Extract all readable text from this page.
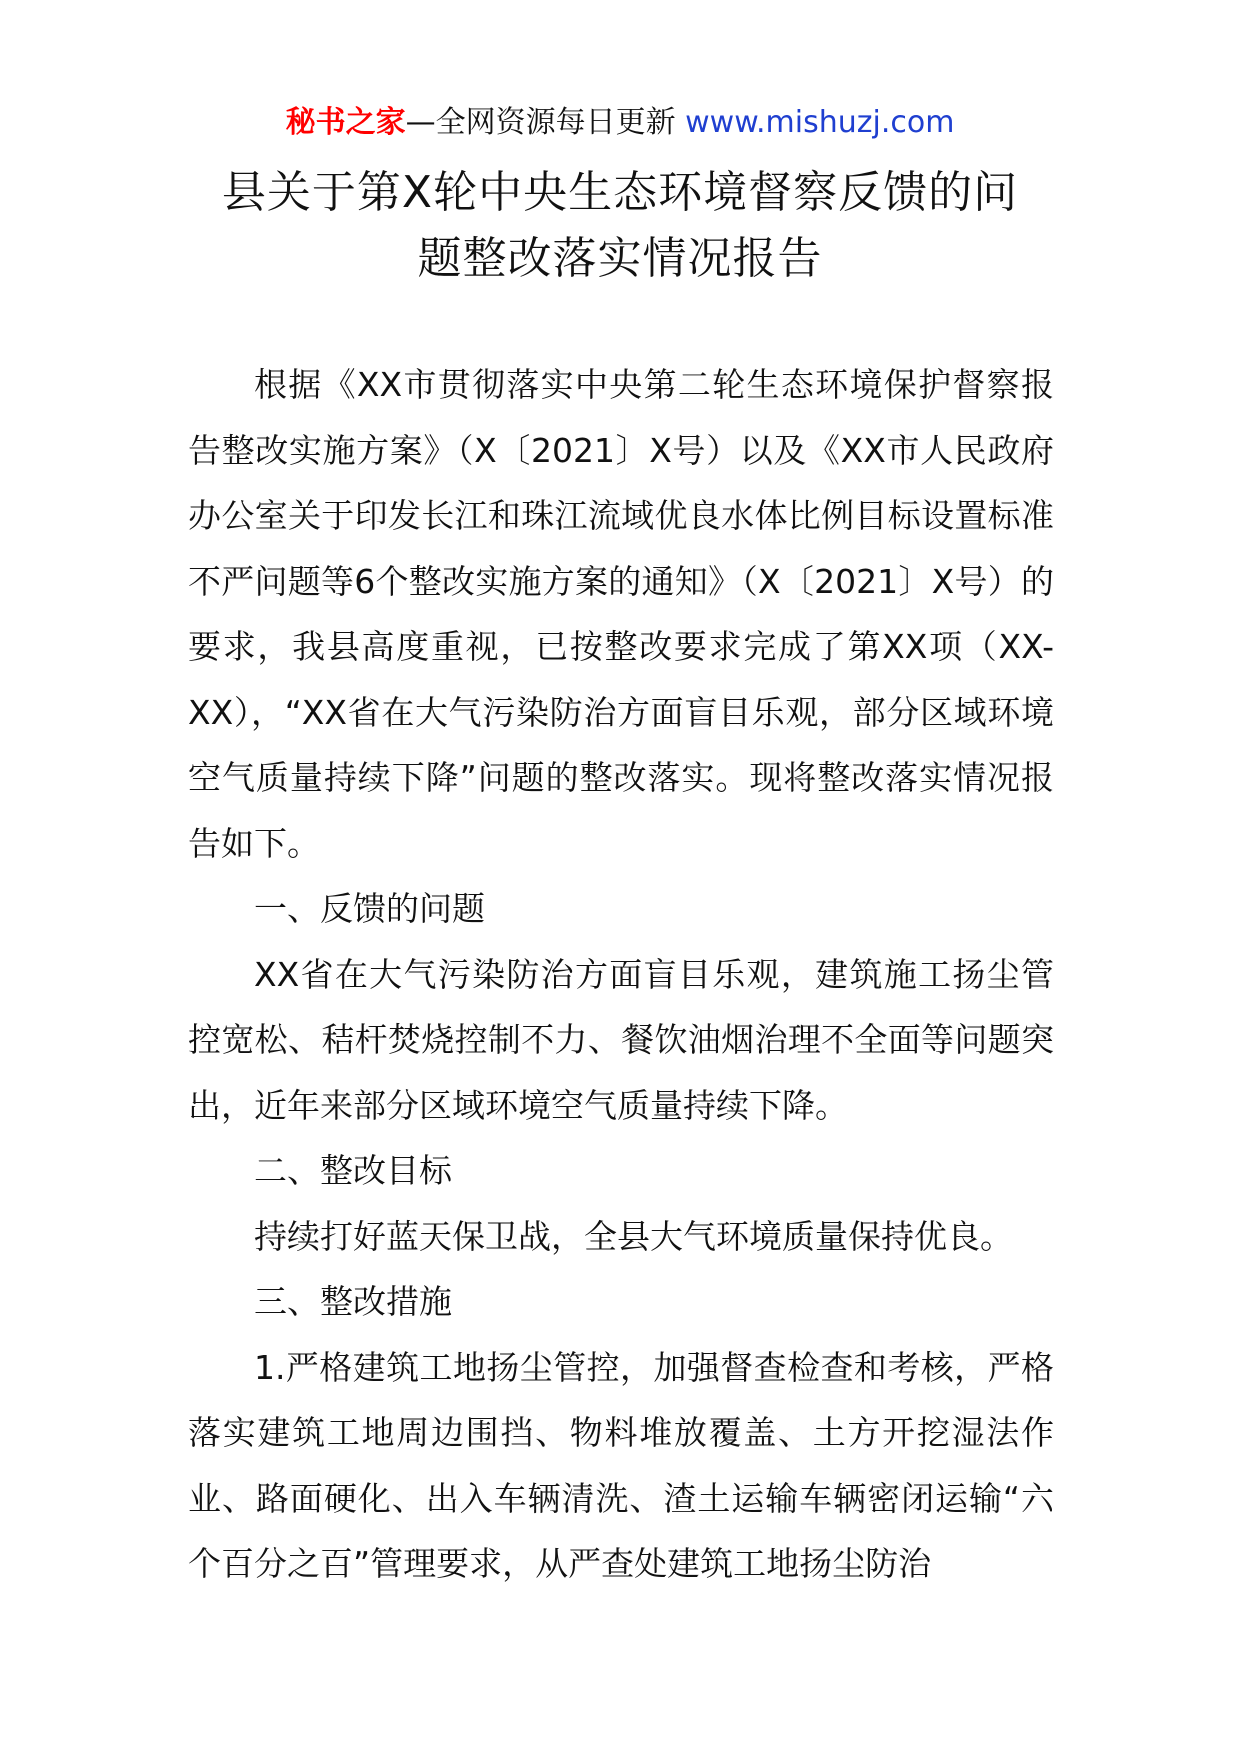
秘书之家—全网资源每日更新 www.mishuzj.com
县关于第Ⅹ轮中央生态环境督察反馈的问
题整改落实情况报告

根据《XX市贯彻落实中央第二轮生态环境保护督察报告整改实施方案》（X〔2021〕X号）以及《XX市人民政府办公室关于印发长江和珠江流域优良水体比例目标设置标准不严问题等6个整改实施方案的通知》（X〔2021〕X号）的要求，我县高度重视，已按整改要求完成了第XX项（XX-XX），“XX省在大气污染防治方面盲目乐观，部分区域环境空气质量持续下降”问题的整改落实。现将整改落实情况报告如下。

一、反馈的问题

XX省在大气污染防治方面盲目乐观，建筑施工扬尘管控宽松、秸杆焚烧控制不力、餐饮油烟治理不全面等问题突出，近年来部分区域环境空气质量持续下降。

二、整改目标

持续打好蓝天保卫战，全县大气环境质量保持优良。

三、整改措施

1.严格建筑工地扬尘管控，加强督查检查和考核，严格落实建筑工地周边围挡、物料堆放覆盖、土方开挖湿法作业、路面硬化、出入车辆清洗、渣土运输车辆密闭运输“六个百分之百”管理要求，从严查处建筑工地扬尘防治
